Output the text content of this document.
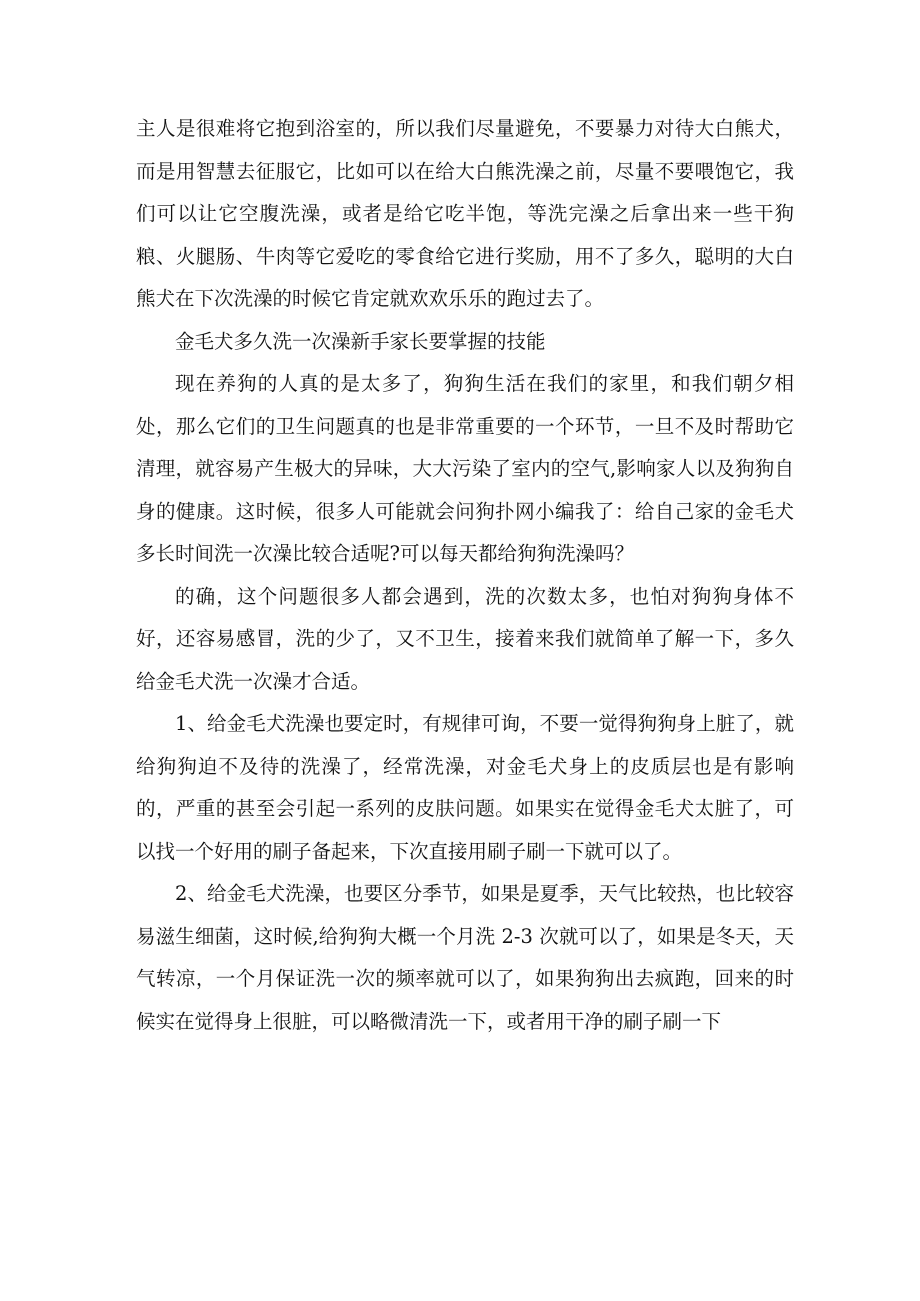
主人是很难将它抱到浴室的，所以我们尽量避免，不要暴力对待大白熊犬，而是用智慧去征服它，比如可以在给大白熊洗澡之前，尽量不要喂饱它，我们可以让它空腹洗澡，或者是给它吃半饱，等洗完澡之后拿出来一些干狗粮、火腿肠、牛肉等它爱吃的零食给它进行奖励，用不了多久，聪明的大白熊犬在下次洗澡的时候它肯定就欢欢乐乐的跑过去了。

金毛犬多久洗一次澡新手家长要掌握的技能

现在养狗的人真的是太多了，狗狗生活在我们的家里，和我们朝夕相处，那么它们的卫生问题真的也是非常重要的一个环节，一旦不及时帮助它清理，就容易产生极大的异味，大大污染了室内的空气,影响家人以及狗狗自身的健康。这时候，很多人可能就会问狗扑网小编我了：给自己家的金毛犬多长时间洗一次澡比较合适呢?可以每天都给狗狗洗澡吗？

的确，这个问题很多人都会遇到，洗的次数太多，也怕对狗狗身体不好，还容易感冒，洗的少了，又不卫生，接着来我们就简单了解一下，多久给金毛犬洗一次澡才合适。

1、给金毛犬洗澡也要定时，有规律可询，不要一觉得狗狗身上脏了，就给狗狗迫不及待的洗澡了，经常洗澡，对金毛犬身上的皮质层也是有影响的，严重的甚至会引起一系列的皮肤问题。如果实在觉得金毛犬太脏了，可以找一个好用的刷子备起来，下次直接用刷子刷一下就可以了。

2、给金毛犬洗澡，也要区分季节，如果是夏季，天气比较热，也比较容易滋生细菌，这时候,给狗狗大概一个月洗 2-3 次就可以了，如果是冬天，天气转凉，一个月保证洗一次的频率就可以了，如果狗狗出去疯跑，回来的时候实在觉得身上很脏，可以略微清洗一下，或者用干净的刷子刷一下
